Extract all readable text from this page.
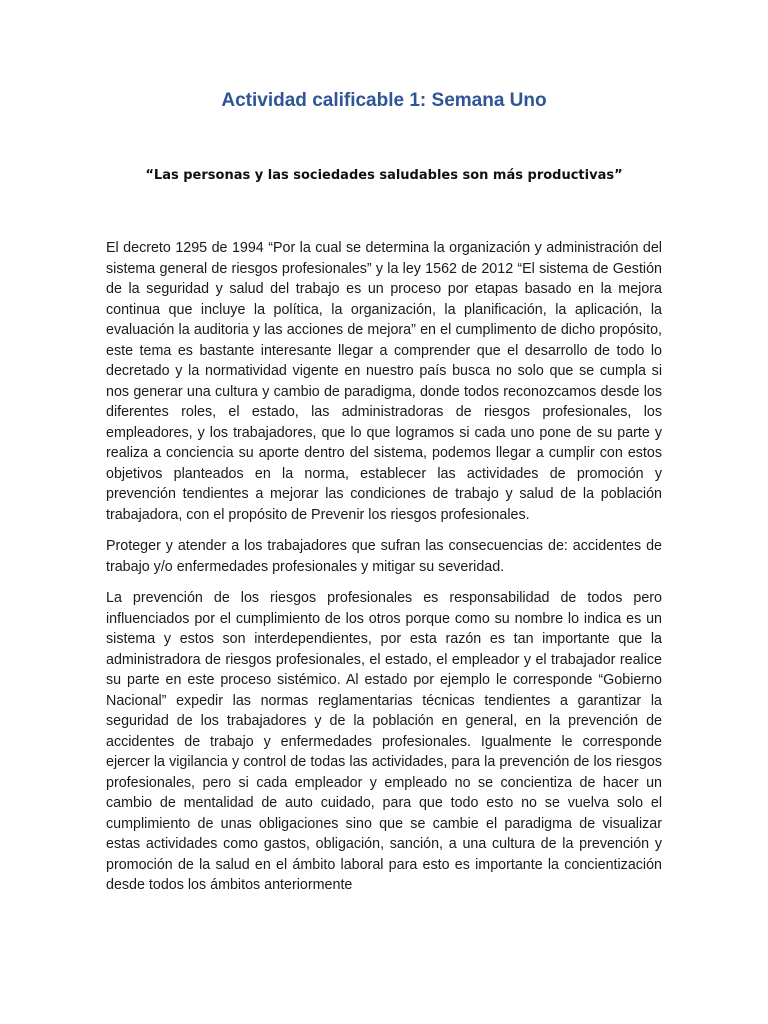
Actividad calificable 1: Semana Uno

“Las personas y las sociedades saludables son más productivas”

El decreto 1295 de 1994 “Por la cual se determina la organización y administración del sistema general de riesgos profesionales” y la ley 1562 de 2012 “El sistema de Gestión de la seguridad y salud del trabajo es un proceso por etapas basado en la mejora continua que incluye la política, la organización, la planificación, la aplicación, la evaluación la auditoria y las acciones de mejora” en el cumplimento de dicho propósito, este tema es bastante interesante llegar a comprender que el desarrollo de todo lo decretado y la normatividad vigente en nuestro país busca no solo que se cumpla si nos generar una cultura y cambio de paradigma, donde todos reconozcamos desde los diferentes roles, el estado, las administradoras de riesgos profesionales, los empleadores, y los trabajadores, que lo que logramos si cada uno pone de su parte y realiza a conciencia su aporte dentro del sistema, podemos llegar a cumplir con estos objetivos planteados en la norma, establecer las actividades de promoción y prevención tendientes a mejorar las condiciones de trabajo y salud de la población trabajadora, con el propósito de Prevenir los riesgos profesionales.

Proteger y atender a los trabajadores que sufran las consecuencias de: accidentes de trabajo y/o enfermedades profesionales y mitigar su severidad.

La prevención de los riesgos profesionales es responsabilidad de todos pero influenciados por el cumplimiento de los otros porque como su nombre lo indica es un sistema y estos son interdependientes, por esta razón es tan importante que la administradora de riesgos profesionales, el estado, el empleador y el trabajador realice su parte en este proceso sistémico. Al estado por ejemplo le corresponde “Gobierno Nacional” expedir las normas reglamentarias técnicas tendientes a garantizar la seguridad de los trabajadores y de la población en general, en la prevención de accidentes de trabajo y enfermedades profesionales. Igualmente le corresponde ejercer la vigilancia y control de todas las actividades, para la prevención de los riesgos profesionales, pero si cada empleador y empleado no se concientiza de hacer un cambio de mentalidad de auto cuidado, para que todo esto no se vuelva solo el cumplimiento de unas obligaciones sino que se cambie el paradigma de visualizar estas actividades como gastos, obligación, sanción, a una cultura de la prevención y promoción de la salud en el ámbito laboral para esto es importante la concientización desde todos los ámbitos anteriormente
